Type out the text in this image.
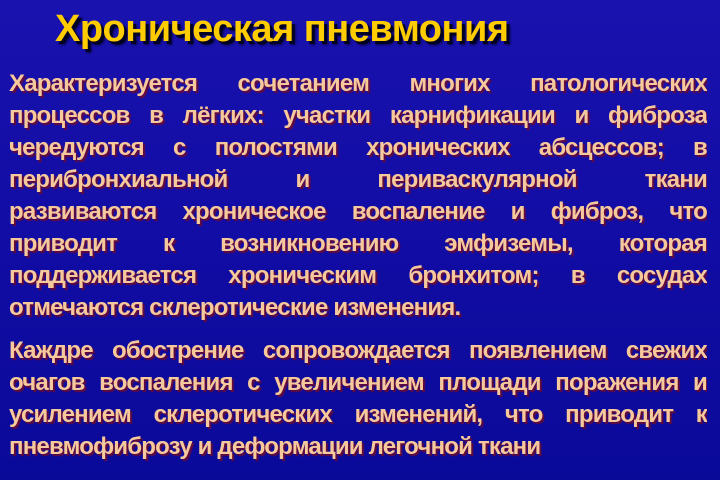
Хроническая пневмония
Характеризуется сочетанием многих патологических
процессов в лёгких: участки карнификации и фиброза
чередуются с полостями хронических абсцессов; в
перибронхиальной и периваскулярной ткани
развиваются хроническое воспаление и фиброз, что
приводит к возникновению эмфиземы, которая
поддерживается хроническим бронхитом; в сосудах
отмечаются склеротические изменения.
Каждре обострение сопровождается появлением свежих
очагов воспаления с увеличением площади поражения и
усилением склеротических изменений, что приводит к
пневмофиброзу и деформации легочной ткани
